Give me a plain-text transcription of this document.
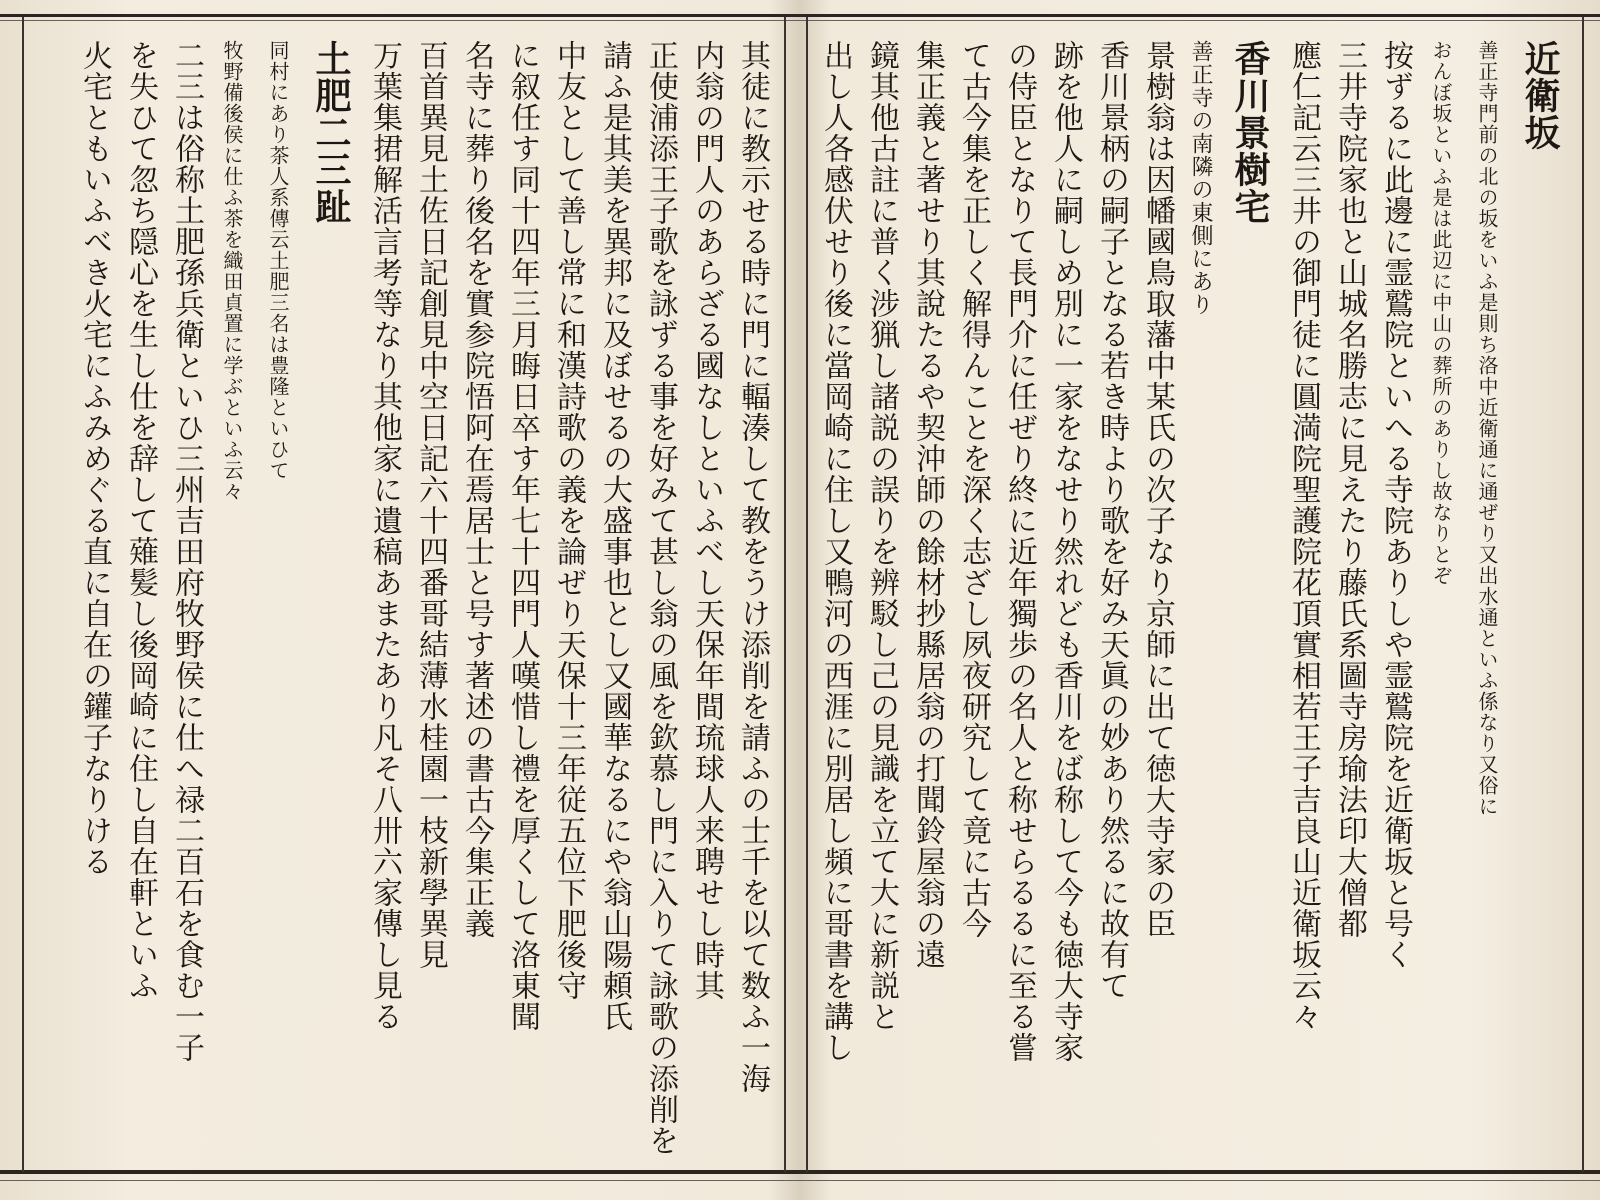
近衛坂
善正寺門前の北の坂をいふ是則ち洛中近衛通に通ぜり又出水通といふ係なり又俗に
おんぼ坂といふ是は此辺に中山の葬所のありし故なりとぞ
按ずるに此邊に霊鷲院といへる寺院ありしや霊鷲院を近衛坂と号く
三井寺院家也と山城名勝志に見えたり藤氏系圖寺房瑜法印大僧都
應仁記云三井の御門徒に圓満院聖護院花頂實相若王子吉良山近衛坂云々
香川景樹宅
善正寺の南隣の東側にあり
景樹翁は因幡國鳥取藩中某氏の次子なり京師に出て徳大寺家の臣
香川景柄の嗣子となる若き時より歌を好み天眞の妙あり然るに故有て
跡を他人に嗣しめ別に一家をなせり然れども香川をば称して今も徳大寺家
の侍臣となりて長門介に任ぜり終に近年獨歩の名人と称せらるるに至る嘗
て古今集を正しく解得んことを深く志ざし夙夜研究して竟に古今
集正義と著せり其說たるや契沖師の餘材抄縣居翁の打聞鈴屋翁の遠
鏡其他古註に普く涉猟し諸説の誤りを辨駁し己の見識を立て大に新説と
出し人各感伏せり後に當岡崎に住し又鴨河の西涯に別居し頻に哥書を講し
其徒に教示せる時に門に輻湊して教をうけ添削を請ふの士千を以て数ふ一海
内翁の門人のあらざる國なしといふべし天保年間琉球人来聘せし時其
正使浦添王子歌を詠ずる事を好みて甚し翁の風を欽慕し門に入りて詠歌の添削を
請ふ是其美を異邦に及ぼせるの大盛事也とし又國華なるにや翁山陽頼氏
中友として善し常に和漢詩歌の義を論ぜり天保十三年従五位下肥後守
に叙任す同十四年三月晦日卒す年七十四門人嘆惜し禮を厚くして洛東聞
名寺に葬り後名を實参院悟阿在焉居士と号す著述の書古今集正義
百首異見土佐日記創見中空日記六十四番哥結薄水桂園一枝新學異見
万葉集捃解活言考等なり其他家に遺稿あまたあり凡そ八卅六家傳し見る
土肥二三趾
同村にあり茶人系傳云土肥三名は豊隆といひて
牧野備後侯に仕ふ茶を織田貞置に学ぶといふ云々
二三は俗称土肥孫兵衛といひ三州吉田府牧野侯に仕へ禄二百石を食む一子
を失ひて忽ち隠心を生し仕を辞して薙髪し後岡崎に住し自在軒といふ
火宅ともいふべき火宅にふみめぐる直に自在の鑵子なりける
